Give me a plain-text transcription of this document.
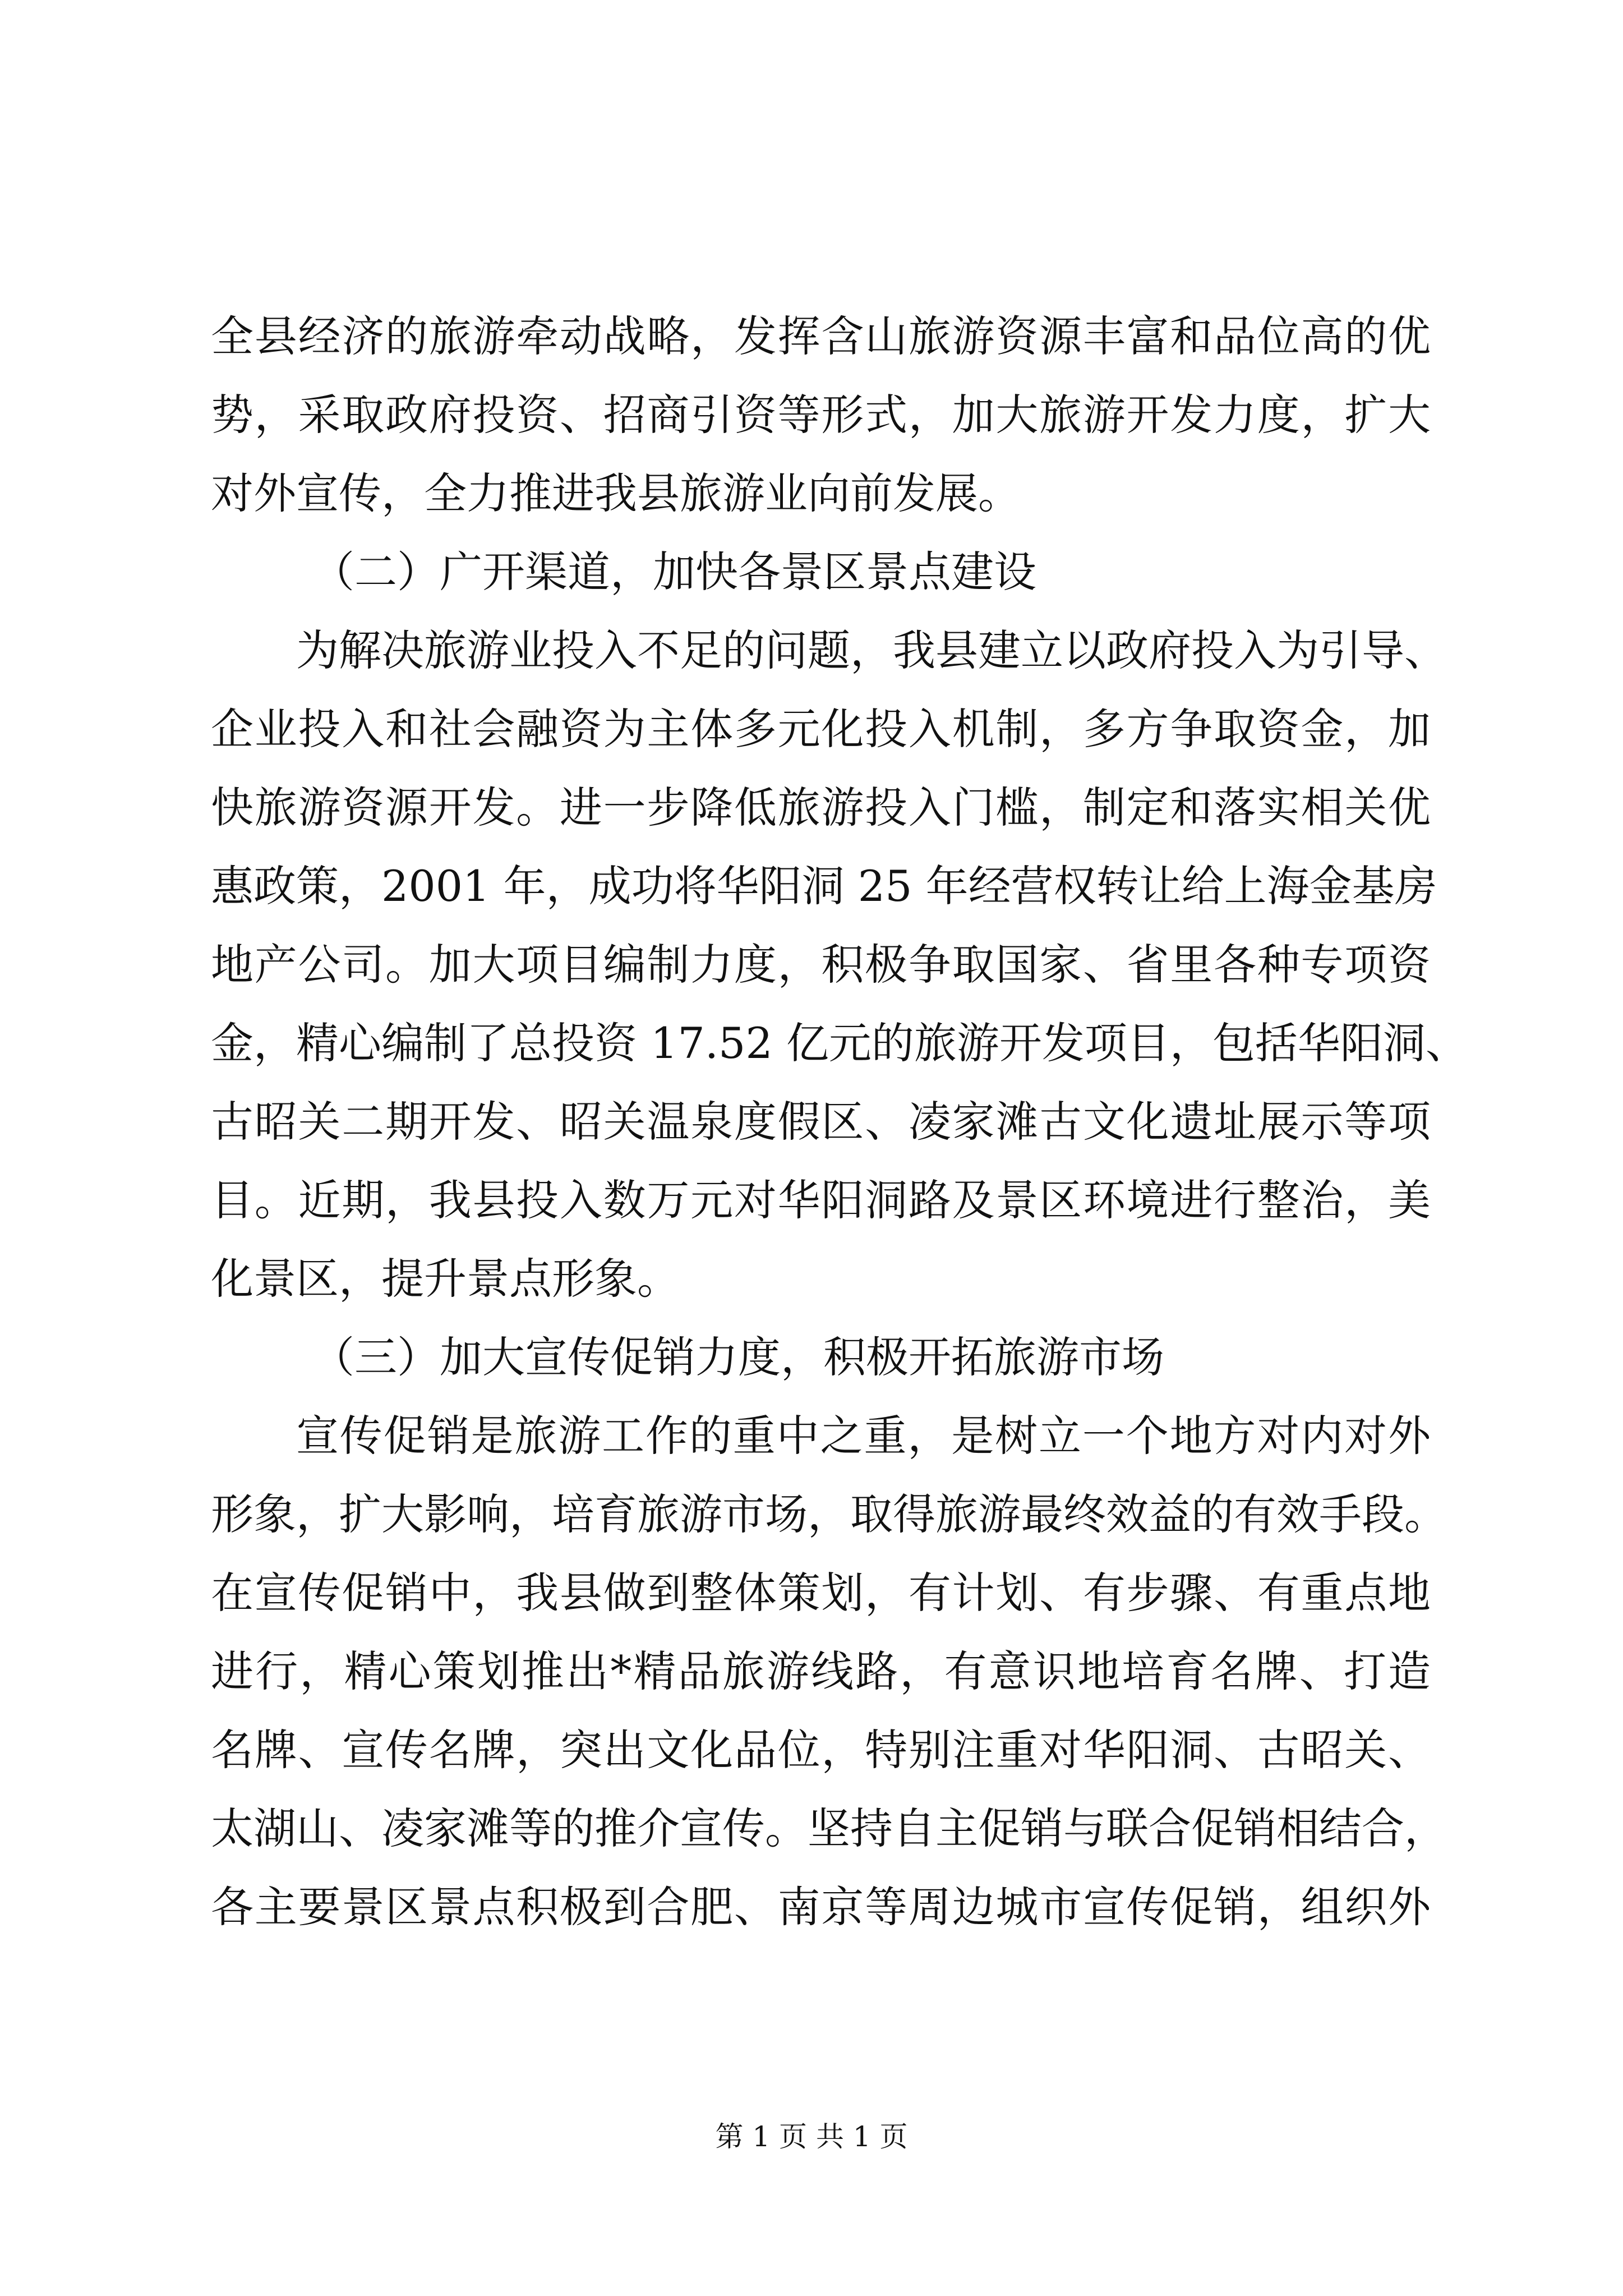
全县经济的旅游牵动战略，发挥含山旅游资源丰富和品位高的优
势，采取政府投资、招商引资等形式，加大旅游开发力度，扩大
对外宣传，全力推进我县旅游业向前发展。
（二）广开渠道，加快各景区景点建设
为解决旅游业投入不足的问题，我县建立以政府投入为引导、
企业投入和社会融资为主体多元化投入机制，多方争取资金，加
快旅游资源开发。进一步降低旅游投入门槛，制定和落实相关优
惠政策，2001 年，成功将华阳洞 25 年经营权转让给上海金基房
地产公司。加大项目编制力度，积极争取国家、省里各种专项资
金，精心编制了总投资 17.52 亿元的旅游开发项目，包括华阳洞、
古昭关二期开发、昭关温泉度假区、凌家滩古文化遗址展示等项
目。近期，我县投入数万元对华阳洞路及景区环境进行整治，美
化景区，提升景点形象。
（三）加大宣传促销力度，积极开拓旅游市场
宣传促销是旅游工作的重中之重，是树立一个地方对内对外
形象，扩大影响，培育旅游市场，取得旅游最终效益的有效手段。
在宣传促销中，我县做到整体策划，有计划、有步骤、有重点地
进行，精心策划推出*精品旅游线路，有意识地培育名牌、打造
名牌、宣传名牌，突出文化品位，特别注重对华阳洞、古昭关、
太湖山、凌家滩等的推介宣传。坚持自主促销与联合促销相结合，
各主要景区景点积极到合肥、南京等周边城市宣传促销，组织外
第 1 页 共 1 页
